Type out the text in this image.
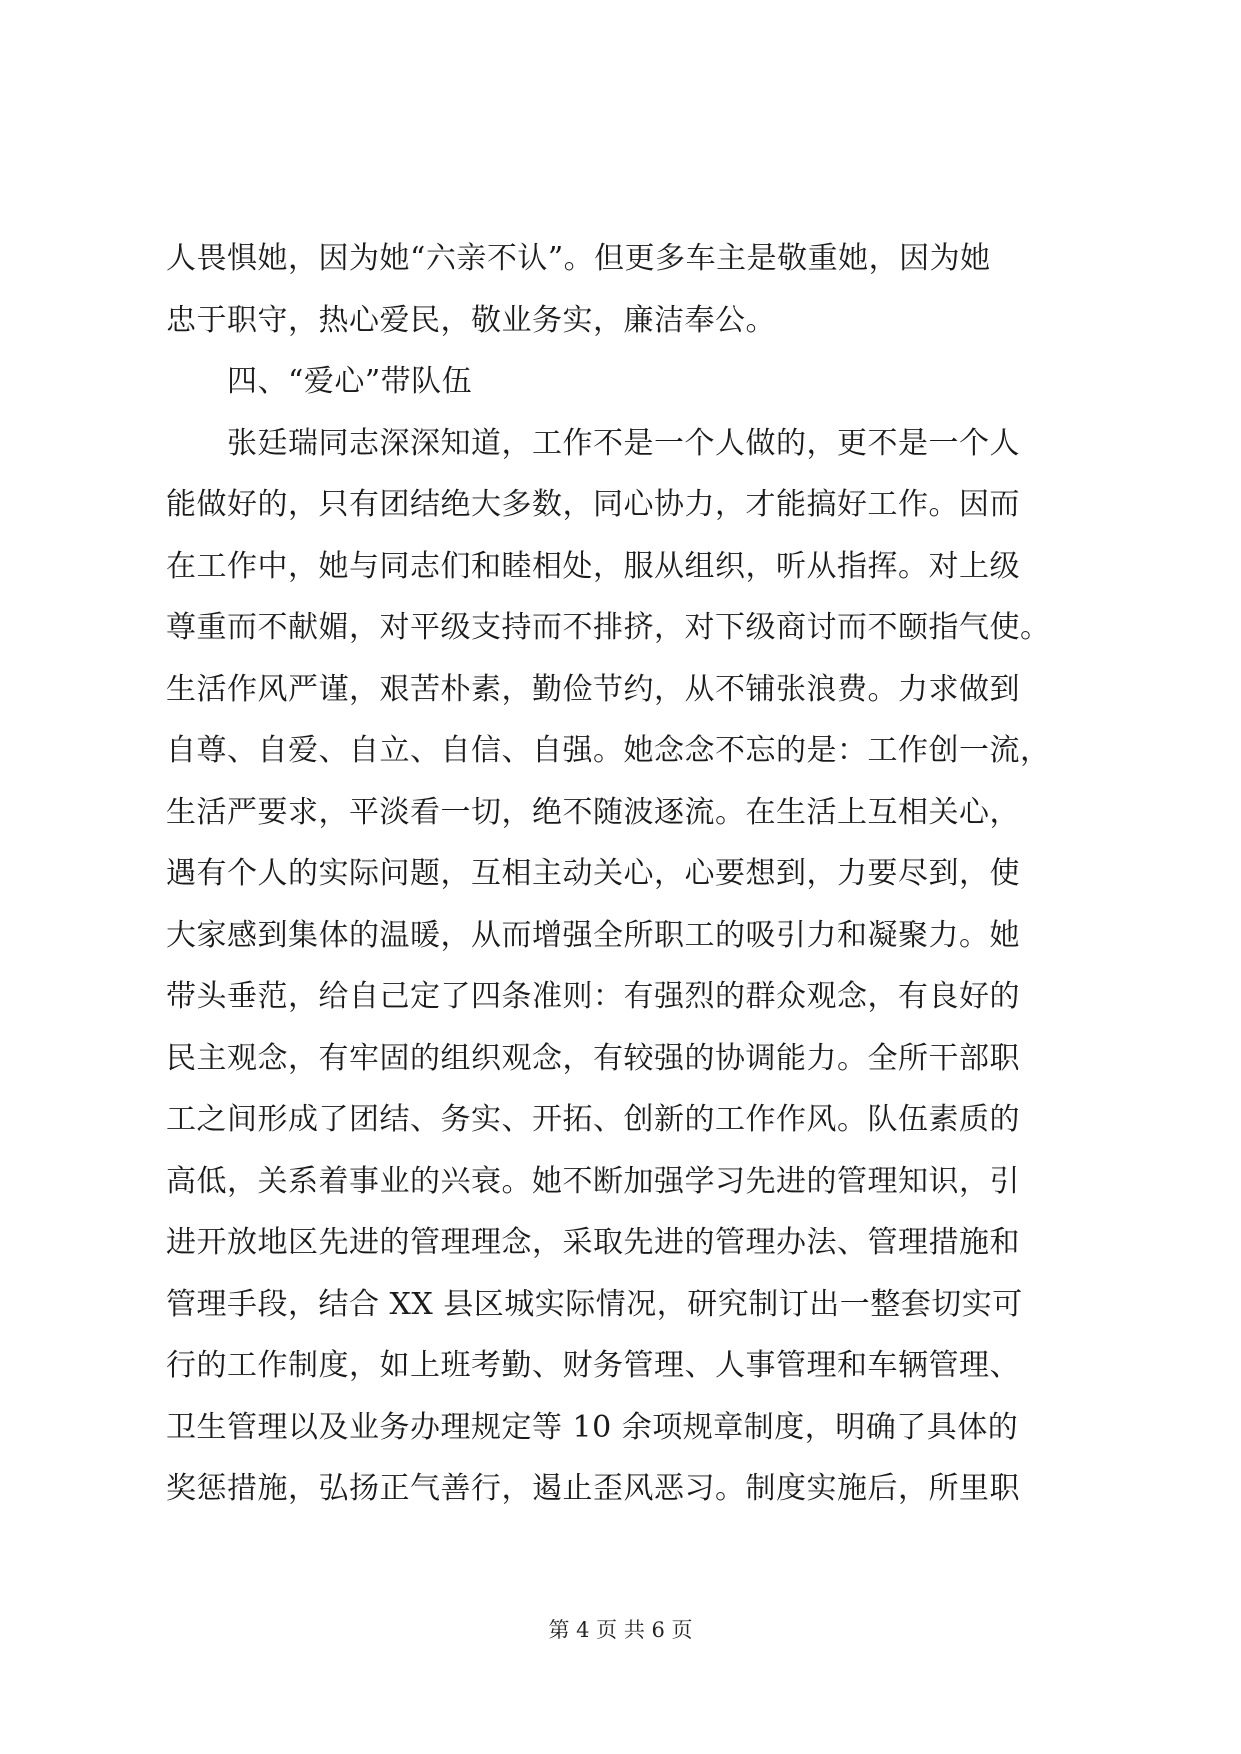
人畏惧她，因为她“六亲不认”。但更多车主是敬重她，因为她
忠于职守，热心爱民，敬业务实，廉洁奉公。
　　四、“爱心”带队伍
　　张廷瑞同志深深知道，工作不是一个人做的，更不是一个人
能做好的，只有团结绝大多数，同心协力，才能搞好工作。因而
在工作中，她与同志们和睦相处，服从组织，听从指挥。对上级
尊重而不献媚，对平级支持而不排挤，对下级商讨而不颐指气使。
生活作风严谨，艰苦朴素，勤俭节约，从不铺张浪费。力求做到
自尊、自爱、自立、自信、自强。她念念不忘的是：工作创一流，
生活严要求，平淡看一切，绝不随波逐流。在生活上互相关心，
遇有个人的实际问题，互相主动关心，心要想到，力要尽到，使
大家感到集体的温暖，从而增强全所职工的吸引力和凝聚力。她
带头垂范，给自己定了四条准则：有强烈的群众观念，有良好的
民主观念，有牢固的组织观念，有较强的协调能力。全所干部职
工之间形成了团结、务实、开拓、创新的工作作风。队伍素质的
高低，关系着事业的兴衰。她不断加强学习先进的管理知识，引
进开放地区先进的管理理念，采取先进的管理办法、管理措施和
管理手段，结合 XX 县区城实际情况，研究制订出一整套切实可
行的工作制度，如上班考勤、财务管理、人事管理和车辆管理、
卫生管理以及业务办理规定等 10 余项规章制度，明确了具体的
奖惩措施，弘扬正气善行，遏止歪风恶习。制度实施后，所里职
第 4 页 共 6 页
